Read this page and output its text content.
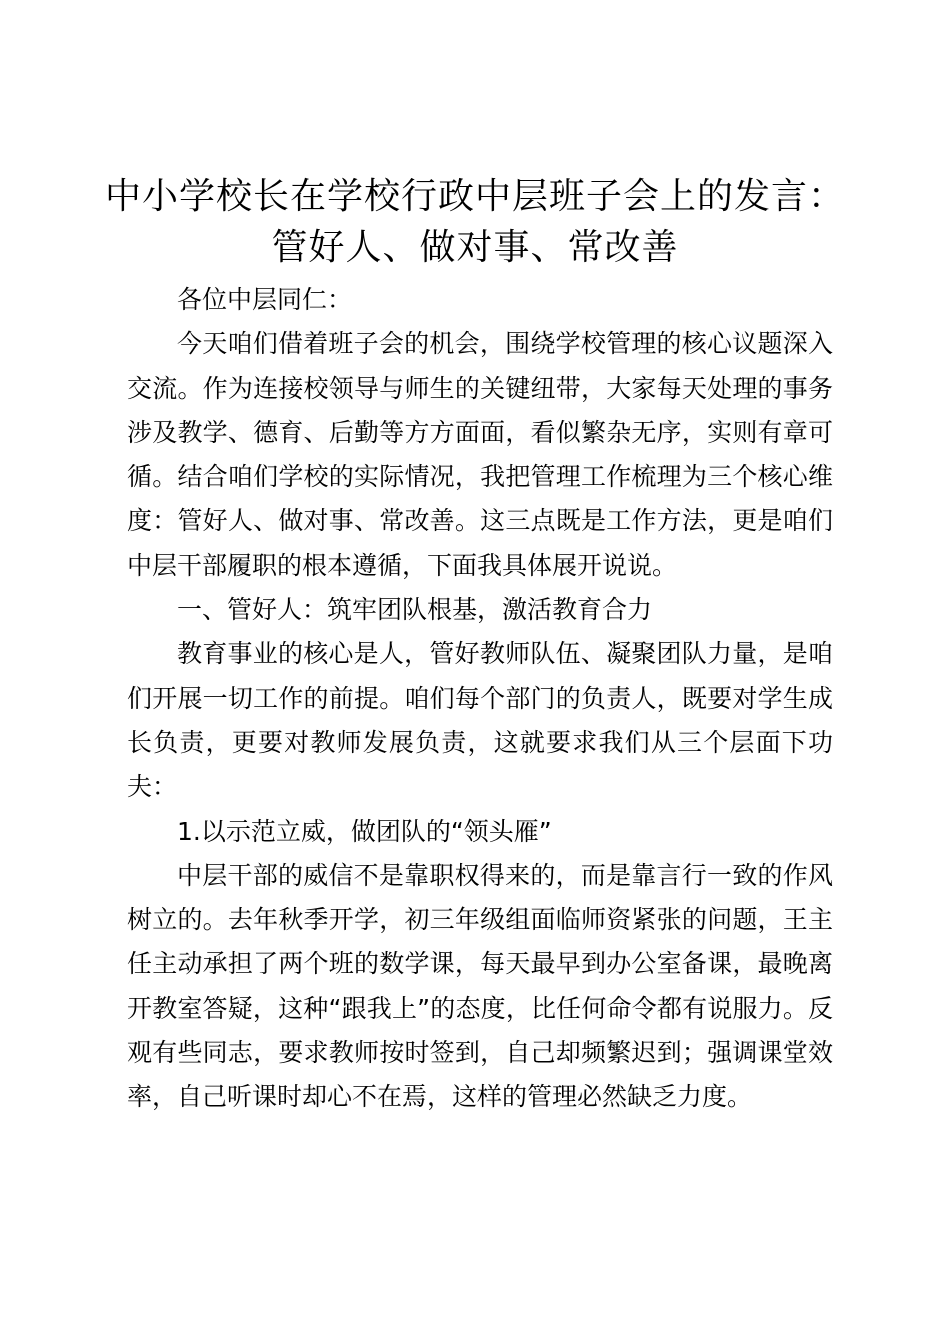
中小学校长在学校行政中层班子会上的发言：
管好人、做对事、常改善

各位中层同仁：

今天咱们借着班子会的机会，围绕学校管理的核心议题深入交流。作为连接校领导与师生的关键纽带，大家每天处理的事务涉及教学、德育、后勤等方方面面，看似繁杂无序，实则有章可循。结合咱们学校的实际情况，我把管理工作梳理为三个核心维度：管好人、做对事、常改善。这三点既是工作方法，更是咱们中层干部履职的根本遵循，下面我具体展开说说。

一、管好人：筑牢团队根基，激活教育合力

教育事业的核心是人，管好教师队伍、凝聚团队力量，是咱们开展一切工作的前提。咱们每个部门的负责人，既要对学生成长负责，更要对教师发展负责，这就要求我们从三个层面下功夫：

1.以示范立威，做团队的“领头雁”

中层干部的威信不是靠职权得来的，而是靠言行一致的作风树立的。去年秋季开学，初三年级组面临师资紧张的问题，王主任主动承担了两个班的数学课，每天最早到办公室备课，最晚离开教室答疑，这种“跟我上”的态度，比任何命令都有说服力。反观有些同志，要求教师按时签到，自己却频繁迟到；强调课堂效率，自己听课时却心不在焉，这样的管理必然缺乏力度。
